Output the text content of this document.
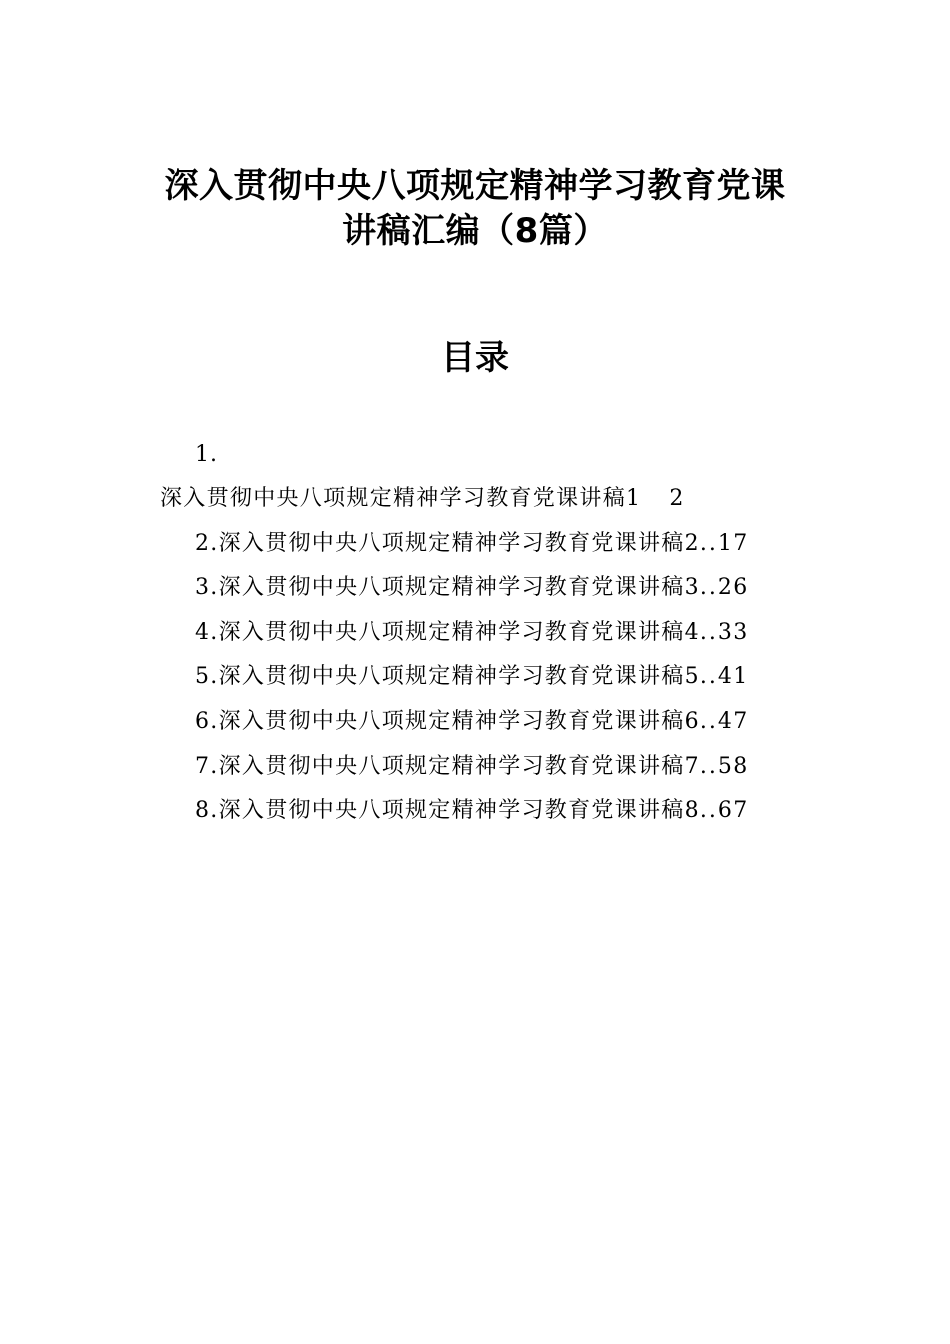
深入贯彻中央八项规定精神学习教育党课
讲稿汇编（8篇）
目录
1.
深入贯彻中央八项规定精神学习教育党课讲稿1 2
2.深入贯彻中央八项规定精神学习教育党课讲稿2..17
3.深入贯彻中央八项规定精神学习教育党课讲稿3..26
4.深入贯彻中央八项规定精神学习教育党课讲稿4..33
5.深入贯彻中央八项规定精神学习教育党课讲稿5..41
6.深入贯彻中央八项规定精神学习教育党课讲稿6..47
7.深入贯彻中央八项规定精神学习教育党课讲稿7..58
8.深入贯彻中央八项规定精神学习教育党课讲稿8..67
